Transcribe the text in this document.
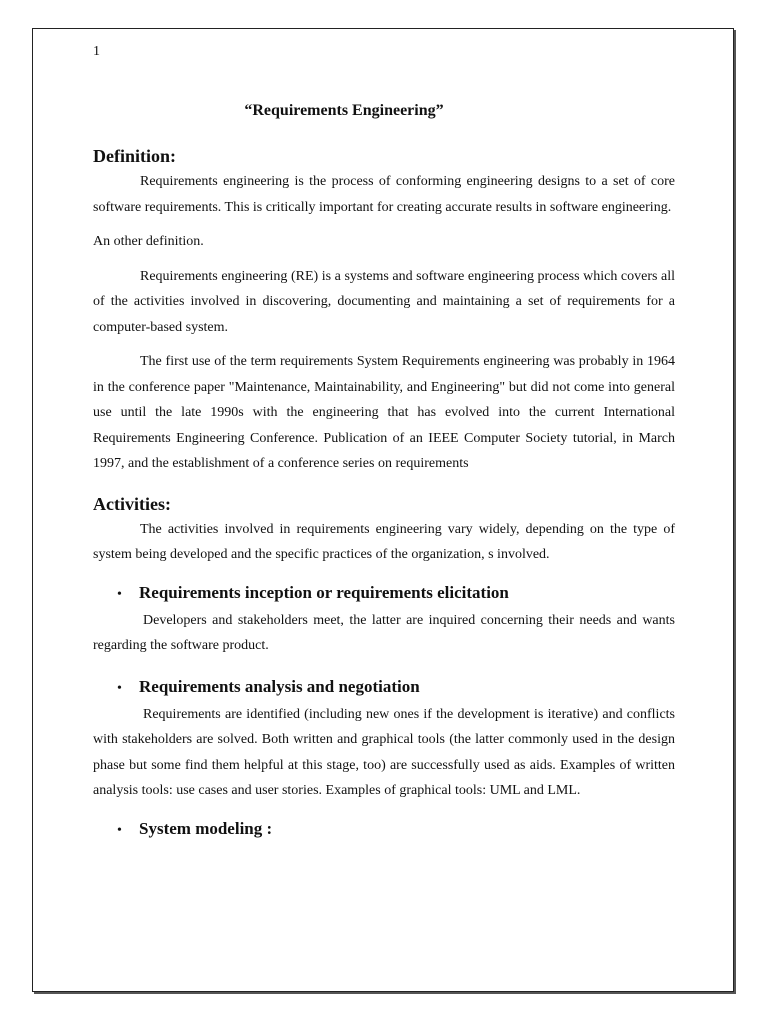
1
“Requirements Engineering”
Definition:

Requirements engineering is the process of conforming engineering designs to a set of core software requirements. This is critically important for creating accurate results in software engineering.

An other definition.

Requirements engineering (RE) is a systems and software engineering process which covers all of the activities involved in discovering, documenting and maintaining a set of requirements for a computer-based system.

The first use of the term requirements System Requirements engineering was probably in 1964 in the conference paper "Maintenance, Maintainability, and Engineering" but did not come into general use until the late 1990s with the engineering that has evolved into the current International Requirements Engineering Conference. Publication of an IEEE Computer Society tutorial, in March 1997, and the establishment of a conference series on requirements

Activities:

The activities involved in requirements engineering vary widely, depending on the type of system being developed and the specific practices of the organization, s involved.

•	Requirements inception or requirements elicitation

Developers and stakeholders meet, the latter are inquired concerning their needs and wants regarding the software product.

•	Requirements analysis and negotiation

Requirements are identified (including new ones if the development is iterative) and conflicts with stakeholders are solved. Both written and graphical tools (the latter commonly used in the design phase but some find them helpful at this stage, too) are successfully used as aids. Examples of written analysis tools: use cases and user stories. Examples of graphical tools: UML and LML.

•	System modeling :
